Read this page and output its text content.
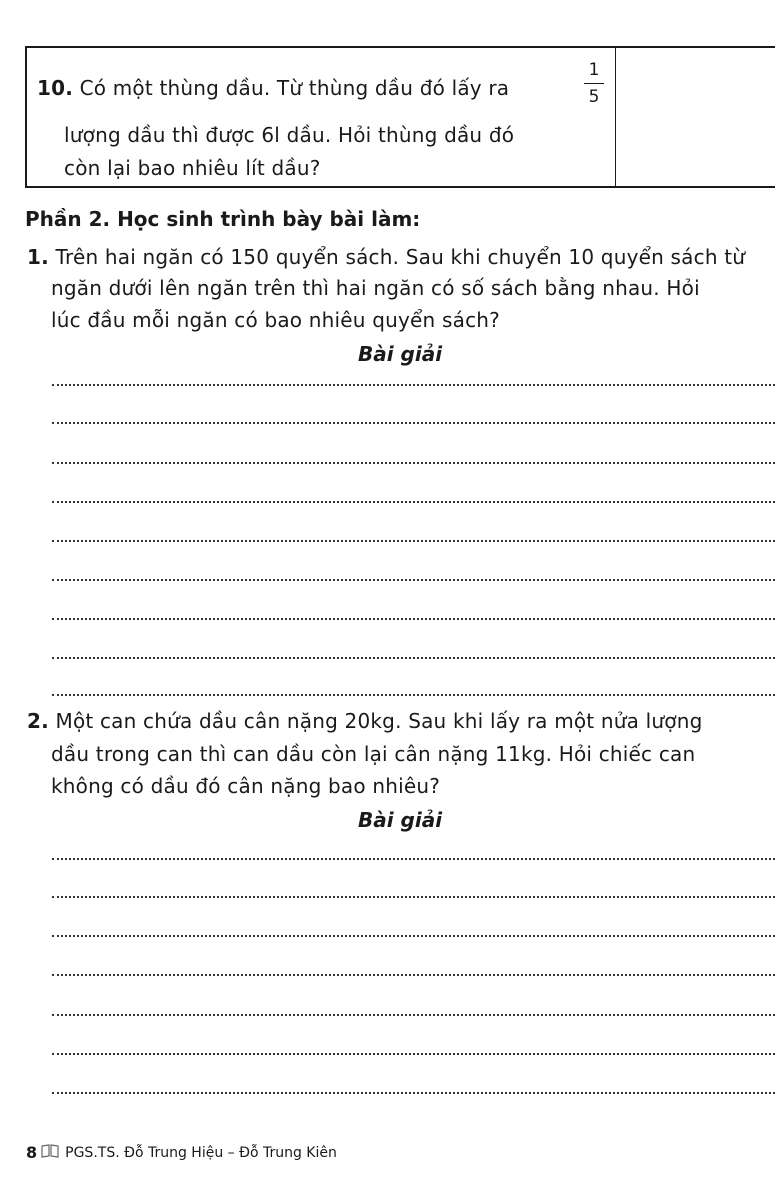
10. Có một thùng dầu. Từ thùng dầu đó lấy ra
1
5
lượng dầu thì được 6l dầu. Hỏi thùng dầu đó
còn lại bao nhiêu lít dầu?
Phần 2. Học sinh trình bày bài làm:
1. Trên hai ngăn có 150 quyển sách. Sau khi chuyển 10 quyển sách từ
ngăn dưới lên ngăn trên thì hai ngăn có số sách bằng nhau. Hỏi
lúc đầu mỗi ngăn có bao nhiêu quyển sách?
Bài giải
2. Một can chứa dầu cân nặng 20kg. Sau khi lấy ra một nửa lượng
dầu trong can thì can dầu còn lại cân nặng 11kg. Hỏi chiếc can
không có dầu đó cân nặng bao nhiêu?
Bài giải
8 PGS.TS. Đỗ Trung Hiệu – Đỗ Trung Kiên
